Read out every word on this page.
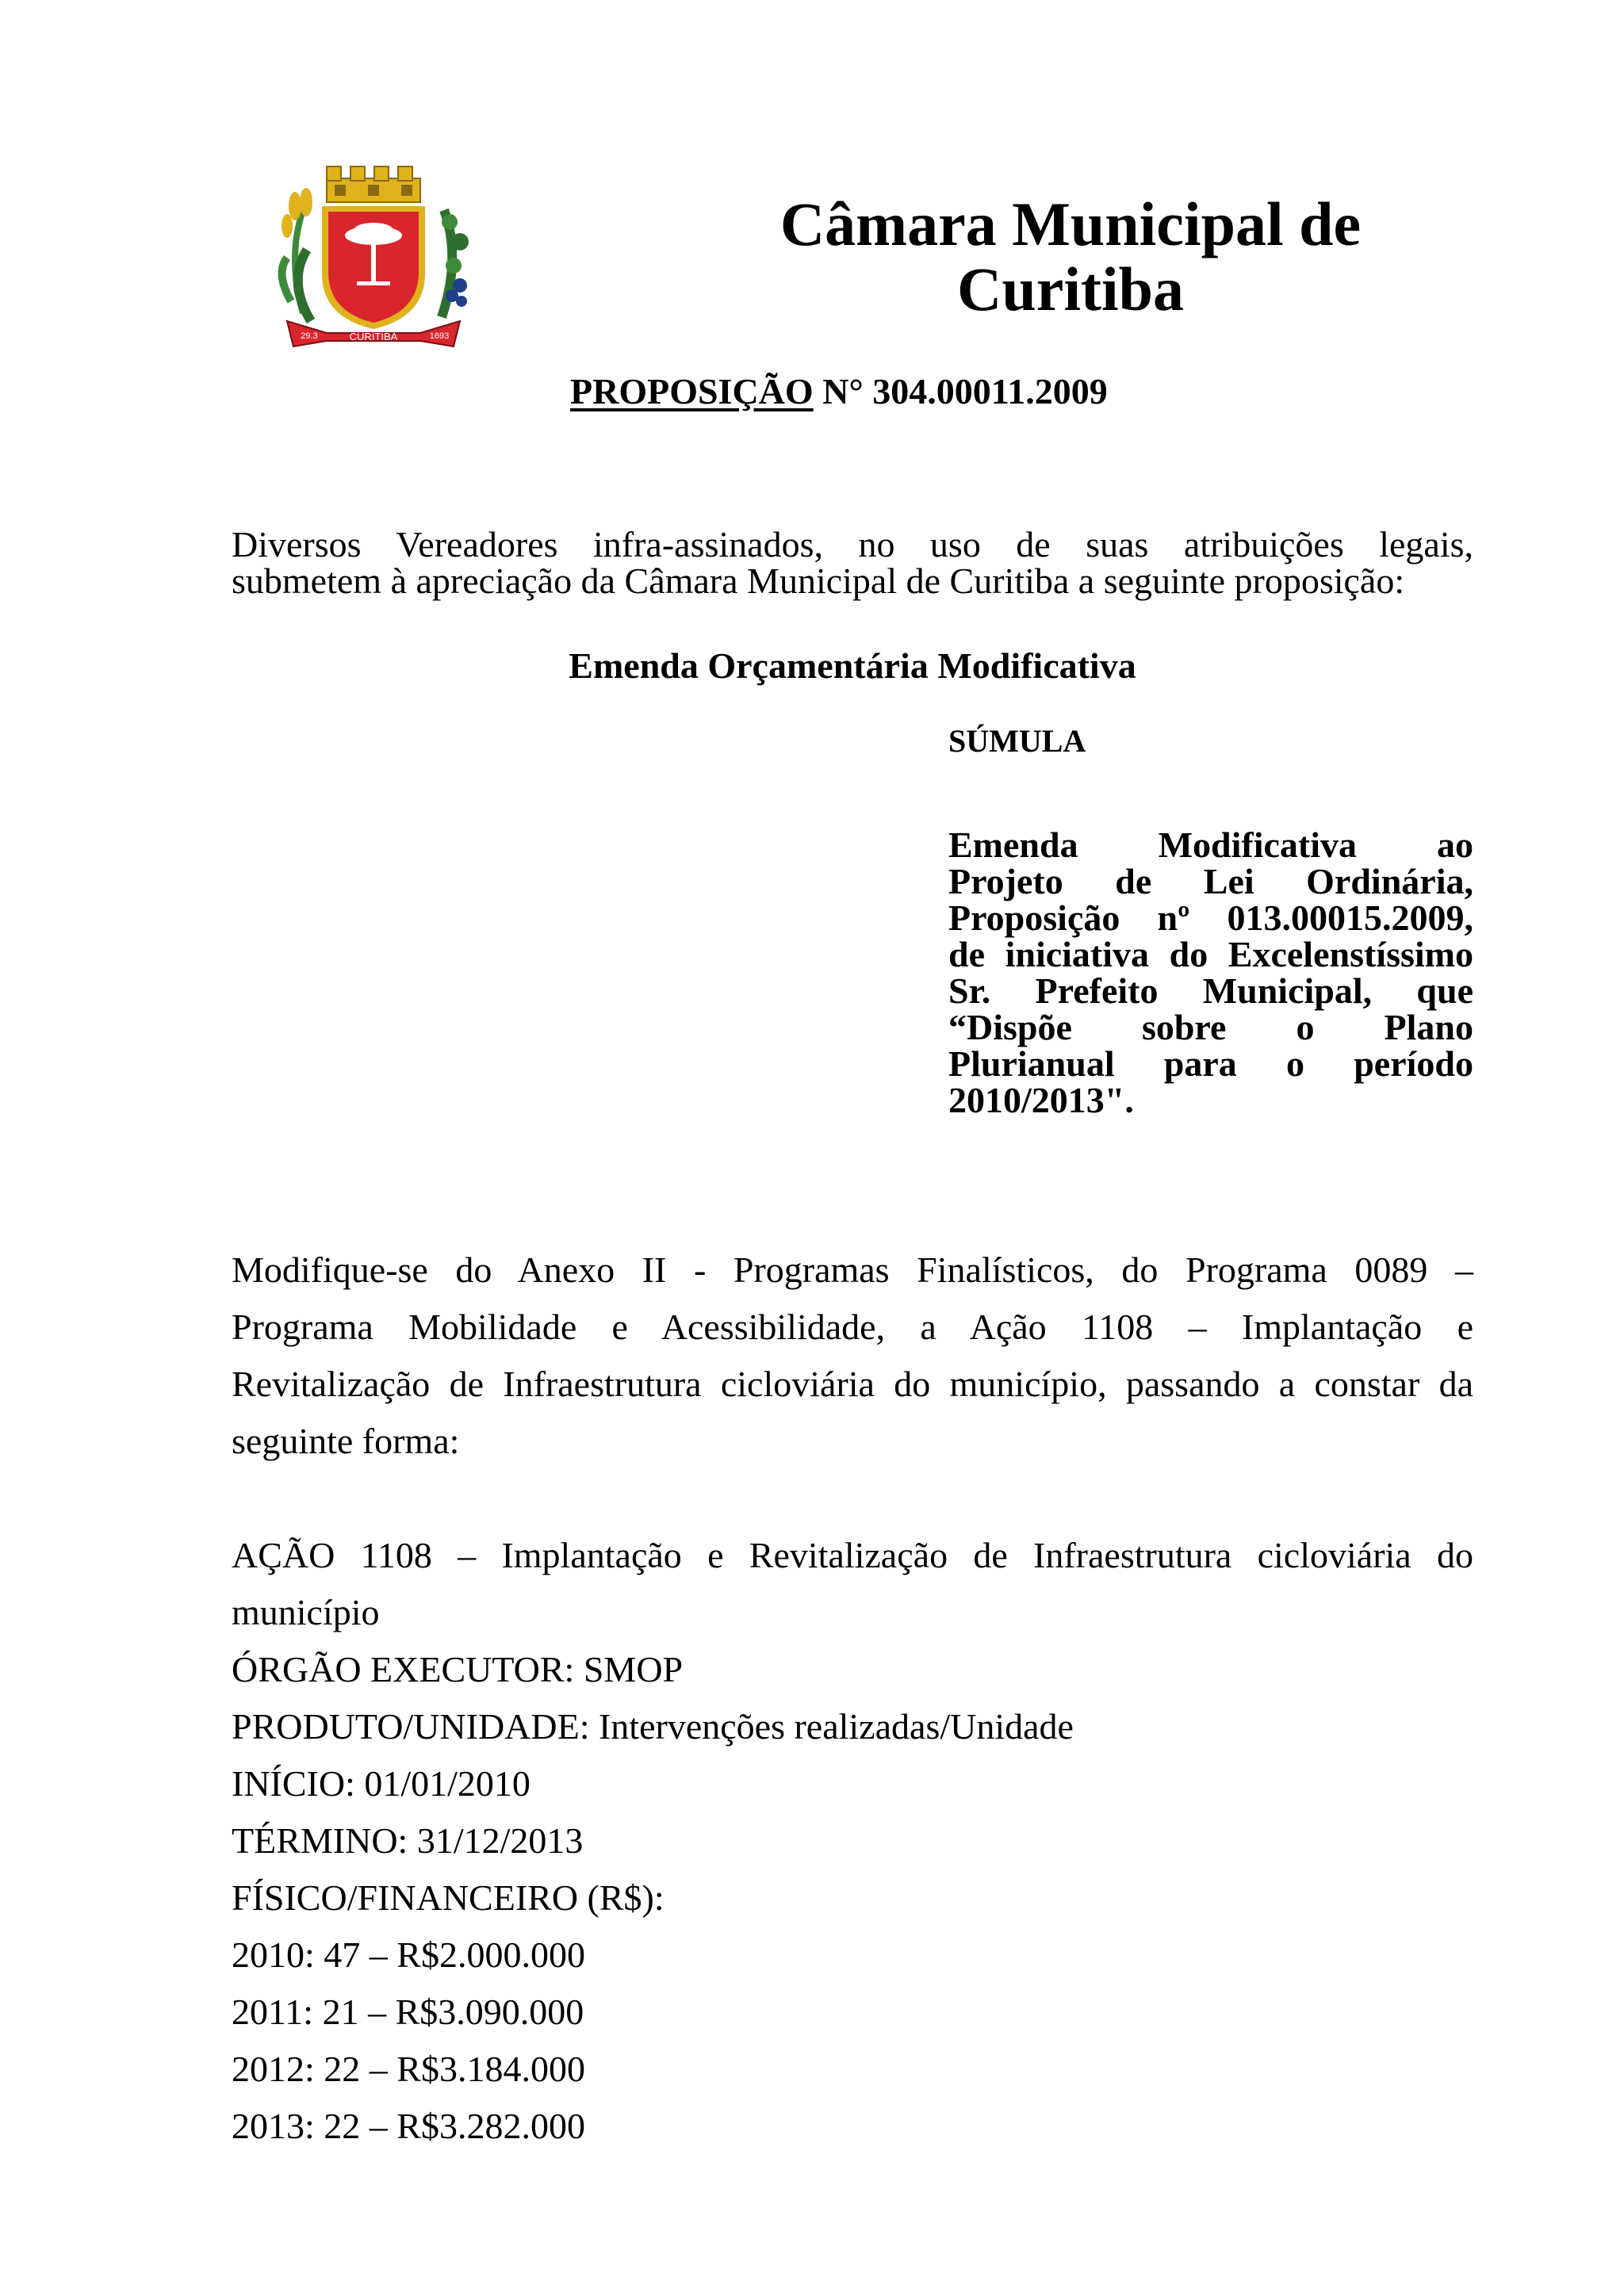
CURITIBA
29.3	1693
Câmara Municipal de
Curitiba
PROPOSIÇÃO N° 304.00011.2009
Diversos Vereadores infra-assinados, no uso de suas atribuições legais,
submetem à apreciação da Câmara Municipal de Curitiba a seguinte proposição:
Emenda Orçamentária Modificativa
SÚMULA
Emenda Modificativa ao
Projeto de Lei Ordinária,
Proposição nº 013.00015.2009,
de iniciativa do Excelenstíssimo
Sr. Prefeito Municipal, que
“Dispõe sobre o Plano
Plurianual para o período
2010/2013".
Modifique-se do Anexo II - Programas Finalísticos, do Programa 0089 –
Programa Mobilidade e Acessibilidade, a Ação 1108 – Implantação e
Revitalização de Infraestrutura cicloviária do município, passando a constar da
seguinte forma:
AÇÃO 1108 – Implantação e Revitalização de Infraestrutura cicloviária do
município
ÓRGÃO EXECUTOR: SMOP
PRODUTO/UNIDADE: Intervenções realizadas/Unidade
INÍCIO: 01/01/2010
TÉRMINO: 31/12/2013
FÍSICO/FINANCEIRO (R$):
2010: 47 – R$2.000.000
2011: 21 – R$3.090.000
2012: 22 – R$3.184.000
2013: 22 – R$3.282.000
